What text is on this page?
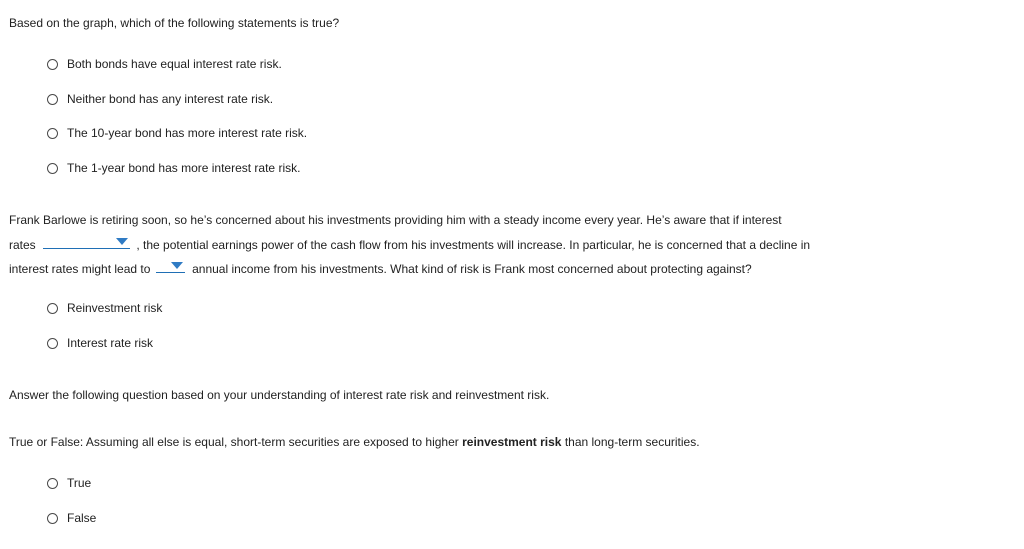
Based on the graph, which of the following statements is true?
Both bonds have equal interest rate risk.
Neither bond has any interest rate risk.
The 10-year bond has more interest rate risk.
The 1-year bond has more interest rate risk.
Frank Barlowe is retiring soon, so he’s concerned about his investments providing him with a steady income every year. He’s aware that if interest
rates	, the potential earnings power of the cash flow from his investments will increase. In particular, he is concerned that a decline in
interest rates might lead to	annual income from his investments. What kind of risk is Frank most concerned about protecting against?
Reinvestment risk
Interest rate risk
Answer the following question based on your understanding of interest rate risk and reinvestment risk.
True or False: Assuming all else is equal, short-term securities are exposed to higher reinvestment risk than long-term securities.
True
False
